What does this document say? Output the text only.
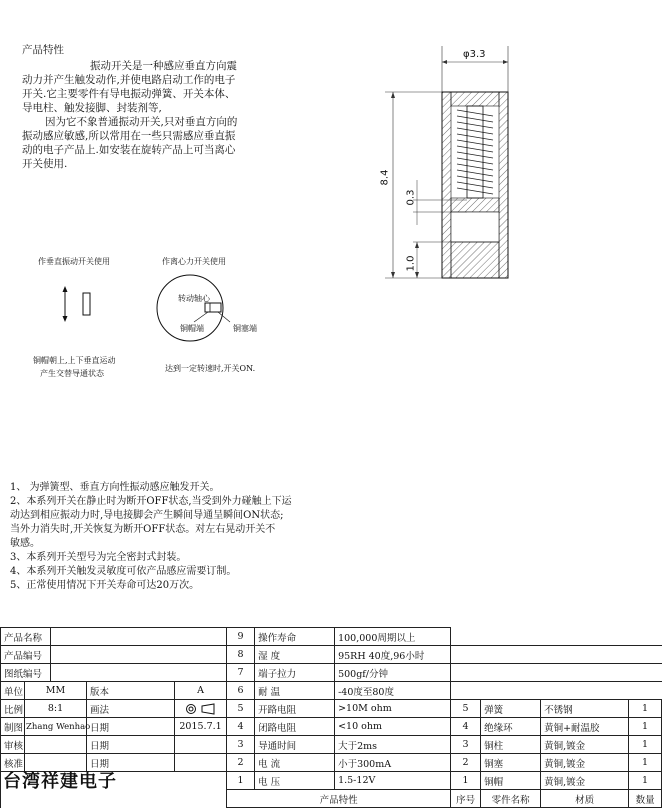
产品特性
振动开关是一种感应垂直方向震
动力并产生触发动作,并使电路启动工作的电子
开关.它主要零件有导电振动弹簧、开关本体、
导电柱、触发接脚、封装剂等,
因为它不象普通振动开关,只对垂直方向的
振动感应敏感,所以常用在一些只需感应垂直振
动的电子产品上.如安装在旋转产品上可当离心
开关使用.
作垂直振动开关使用
铜帽朝上,上下垂直运动
产生交替导通状态
作离心力开关使用
转动轴心
铜帽端	铜塞端
达到一定转速时,开关ON.
φ3.3
8.4
0.3
1.0
1、 为弹簧型、垂直方向性振动感应触发开关。
2、本系列开关在静止时为断开OFF状态,当受到外力碰触上下运
动达到相应振动力时,导电接脚会产生瞬间导通呈瞬间ON状态;
当外力消失时,开关恢复为断开OFF状态。对左右晃动开关不
敏感。
3、本系列开关型号为完全密封式封装。
4、本系列开关触发灵敏度可依产品感应需要订制。
5、正常使用情况下开关寿命可达20万次。
产品名称					9	操作寿命	100,000周期以上				
产品编号					8	湿 度	95RH 40度,96小时				
图纸编号					7	端子拉力	500gf/分钟				
单位	MM		版本	A	6	耐 温	-40度至80度				
比例	8:1		画法		5	开路电阻	>10M ohm	5	弹簧	不锈钢	1
制图	Zhang Wenhao		日期	2015.7.1	4	闭路电阻	<10 ohm	4	绝缘环	黄铜+耐温胶	1
审核			日期		3	导通时间	大于2ms	3	铜柱	黄铜,镀金	1
核准			日期		2	电 流	小于300mA	2	铜塞	黄铜,镀金	1
					1	电 压	1.5-12V	1	铜帽	黄铜,镀金	1
					产品特性			序号	零件名称	材质	数量
台湾祥建电子
